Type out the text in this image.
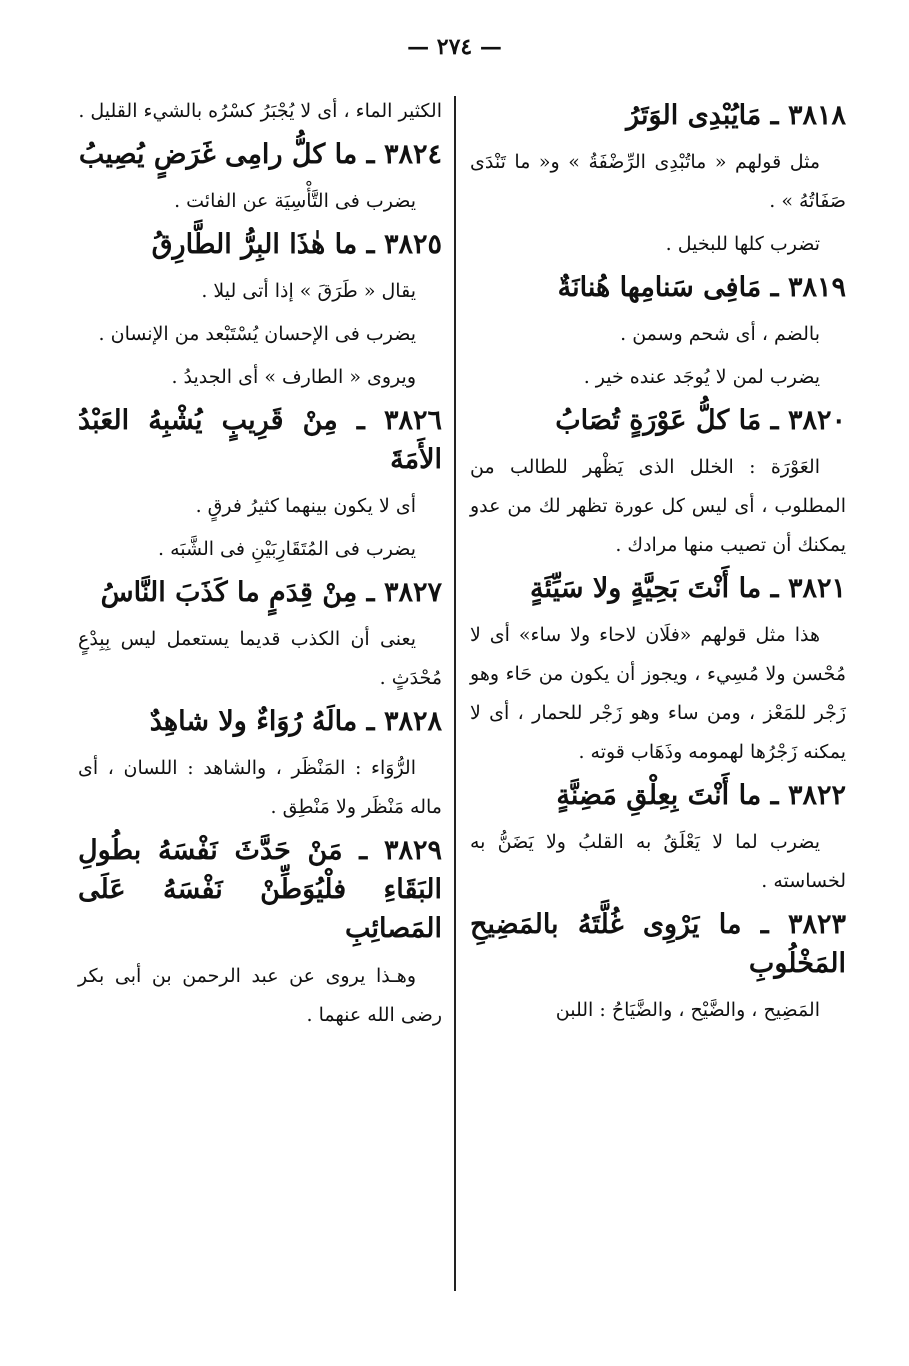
— ٢٧٤ —
٣٨١٨ ـ مَايُبْدِى الوَتَرُ
مثل قولهم « ماتُبْدِى الرِّضْفَةُ » و« ما تَنْدَى صَفَاتُهُ » .
تضرب كلها للبخيل .
٣٨١٩ ـ مَافِى سَنامِها هُنانَةٌ
بالضم ، أى شحم وسمن .
يضرب لمن لا يُوجَد عنده خير .
٣٨٢٠ ـ مَا كلُّ عَوْرَةٍ تُصَابُ
العَوْرَة : الخلل الذى يَظْهر للطالب من المطلوب ، أى ليس كل عورة تظهر لك من عدو يمكنك أن تصيب منها مرادك .
٣٨٢١ ـ ما أَنْتَ بَحِيَّةٍ ولا سَيِّئَةٍ
هذا مثل قولهم «فلَان لاحاء ولا ساء» أى لا مُحْسن ولا مُسِيء ، ويجوز أن يكون من حَاء وهو زَجْر للمَعْز ، ومن ساء وهو زَجْر للحمار ، أى لا يمكنه زَجْرُها لهمومه وذَهَاب قوته .
٣٨٢٢ ـ ما أَنْتَ بِعِلْقِ مَضِنَّةٍ
يضرب لما لا يَعْلَقُ به القلبُ ولا يَضَنُّ به لخساسته .
٣٨٢٣ ـ ما يَرْوِى غُلَّتَهُ بالمَضِيحِ المَخْلُوبِ
المَضِيح ، والضَّيْح ، والضَّيَاحُ : اللبن
الكثير الماء ، أى لا يُجْبَرُ كسْرُه بالشيء القليل .
٣٨٢٤ ـ ما كلُّ رامِى غَرَضٍ يُصِيبُ
يضرب فى التَّأْسِيَة عن الفائت .
٣٨٢٥ ـ ما هٰذَا البِرُّ الطَّارِقُ
يقال « طَرَقَ » إذا أتى ليلا .
يضرب فى الإحسان يُسْتَبْعد من الإنسان .
ويروى « الطارف » أى الجديدُ .
٣٨٢٦ ـ مِنْ قَرِيبٍ يُشْبِهُ العَبْدُ الأَمَةَ
أى لا يكون بينهما كثيرُ فرقٍ .
يضرب فى المُتَقَارِبَيْنِ فى الشَّبَه .
٣٨٢٧ ـ مِنْ قِدَمٍ ما كَذَبَ النَّاسُ
يعنى أن الكذب قديما يستعمل ليس بِبِدْعٍ مُحْدَثٍ .
٣٨٢٨ ـ مالَهُ رُوَاءٌ ولا شاهِدٌ
الرُّوَاء : المَنْظَر ، والشاهد : اللسان ، أى ماله مَنْظَر ولا مَنْطِق .
٣٨٢٩ ـ مَنْ حَدَّثَ نَفْسَهُ بطُولِ البَقَاءِ فلْيُوَطِّنْ نَفْسَهُ عَلَى المَصائِبِ
وهـذا يروى عن عبد الرحمن بن أبى بكر رضى الله عنهما .
